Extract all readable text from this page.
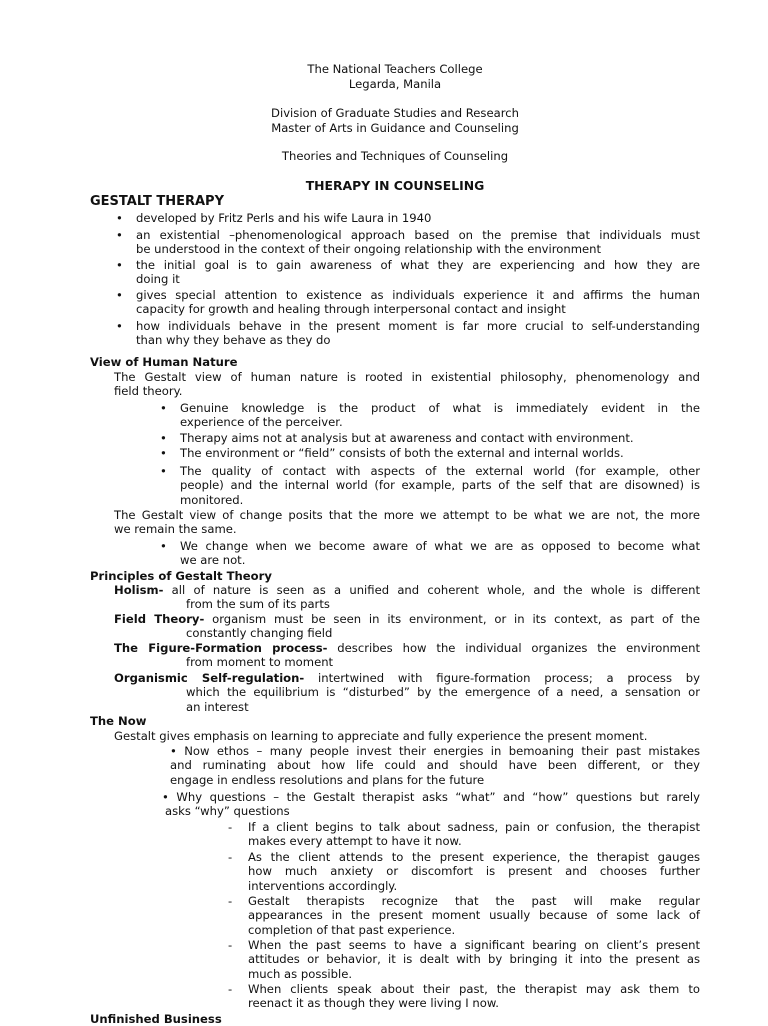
The National Teachers College
Legarda, Manila
Division of Graduate Studies and Research
Master of Arts in Guidance and Counseling
Theories and Techniques of Counseling
THERAPY IN COUNSELING
GESTALT THERAPY
• developed by Fritz Perls and his wife Laura in 1940
• an existential –phenomenological approach based on the premise that individuals must
be understood in the context of their ongoing relationship with the environment
• the initial goal is to gain awareness of what they are experiencing and how they are
doing it
• gives special attention to existence as individuals experience it and affirms the human
capacity for growth and healing through interpersonal contact and insight
• how individuals behave in the present moment is far more crucial to self-understanding
than why they behave as they do
View of Human Nature
The Gestalt view of human nature is rooted in existential philosophy, phenomenology and
field theory.
• Genuine knowledge is the product of what is immediately evident in the
experience of the perceiver.
• Therapy aims not at analysis but at awareness and contact with environment.
• The environment or “field” consists of both the external and internal worlds.
• The quality of contact with aspects of the external world (for example, other
people) and the internal world (for example, parts of the self that are disowned) is
monitored.
The Gestalt view of change posits that the more we attempt to be what we are not, the more
we remain the same.
• We change when we become aware of what we are as opposed to become what
we are not.
Principles of Gestalt Theory
Holism- all of nature is seen as a unified and coherent whole, and the whole is different
from the sum of its parts
Field Theory- organism must be seen in its environment, or in its context, as part of the
constantly changing field
The Figure-Formation process- describes how the individual organizes the environment
from moment to moment
Organismic Self-regulation- intertwined with figure-formation process; a process by
which the equilibrium is “disturbed” by the emergence of a need, a sensation or
an interest
The Now
Gestalt gives emphasis on learning to appreciate and fully experience the present moment.
• Now ethos – many people invest their energies in bemoaning their past mistakes
and ruminating about how life could and should have been different, or they
engage in endless resolutions and plans for the future
• Why questions – the Gestalt therapist asks “what” and “how” questions but rarely
asks “why” questions
- If a client begins to talk about sadness, pain or confusion, the therapist
makes every attempt to have it now.
- As the client attends to the present experience, the therapist gauges
how much anxiety or discomfort is present and chooses further
interventions accordingly.
- Gestalt therapists recognize that the past will make regular
appearances in the present moment usually because of some lack of
completion of that past experience.
- When the past seems to have a significant bearing on client’s present
attitudes or behavior, it is dealt with by bringing it into the present as
much as possible.
- When clients speak about their past, the therapist may ask them to
reenact it as though they were living I now.
Unfinished Business
